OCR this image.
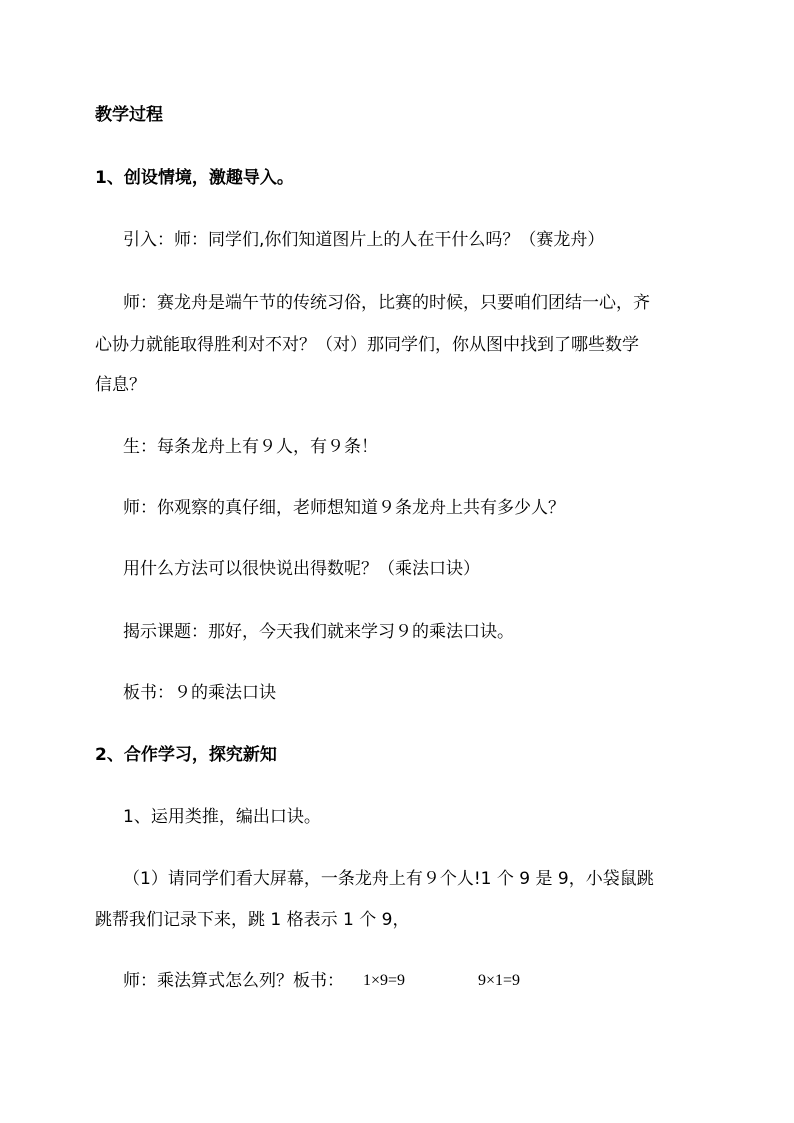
教学过程
1、创设情境，激趣导入。
引入：师：同学们,你们知道图片上的人在干什么吗？（赛龙舟）
师：赛龙舟是端午节的传统习俗，比赛的时候，只要咱们团结一心，齐
心协力就能取得胜利对不对？（对）那同学们，你从图中找到了哪些数学
信息？
生：每条龙舟上有９人，有９条！
师：你观察的真仔细，老师想知道９条龙舟上共有多少人？
用什么方法可以很快说出得数呢？（乘法口诀）
揭示课题：那好，今天我们就来学习９的乘法口诀。
板书：９的乘法口诀
2、合作学习，探究新知
1、运用类推，编出口诀。
（1）请同学们看大屏幕，一条龙舟上有９个人!1 个 9 是 9，小袋鼠跳
跳帮我们记录下来，跳 1 格表示 1 个 9，
师：乘法算式怎么列？板书： 1×9=9	9×1=9
